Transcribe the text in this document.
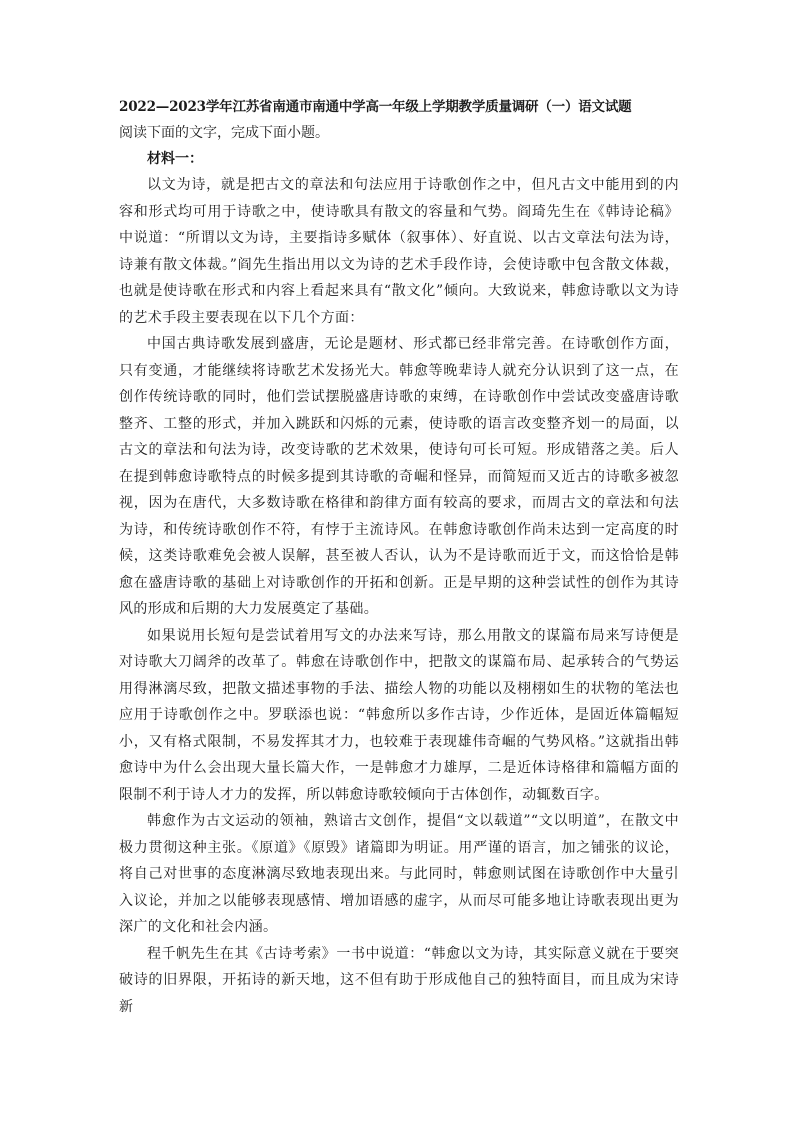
2022—2023学年江苏省南通市南通中学高一年级上学期教学质量调研（一）语文试题
阅读下面的文字，完成下面小题。
材料一：

以文为诗，就是把古文的章法和句法应用于诗歌创作之中，但凡古文中能用到的内容和形式均可用于诗歌之中，使诗歌具有散文的容量和气势。阎琦先生在《韩诗论稿》中说道：“所谓以文为诗，主要指诗多赋体（叙事体）、好直说、以古文章法句法为诗，诗兼有散文体裁。”阎先生指出用以文为诗的艺术手段作诗，会使诗歌中包含散文体裁，也就是使诗歌在形式和内容上看起来具有“散文化”倾向。大致说来，韩愈诗歌以文为诗的艺术手段主要表现在以下几个方面：

中国古典诗歌发展到盛唐，无论是题材、形式都已经非常完善。在诗歌创作方面，只有变通，才能继续将诗歌艺术发扬光大。韩愈等晚辈诗人就充分认识到了这一点，在创作传统诗歌的同时，他们尝试摆脱盛唐诗歌的束缚，在诗歌创作中尝试改变盛唐诗歌整齐、工整的形式，并加入跳跃和闪烁的元素，使诗歌的语言改变整齐划一的局面，以古文的章法和句法为诗，改变诗歌的艺术效果，使诗句可长可短。形成错落之美。后人在提到韩愈诗歌特点的时候多提到其诗歌的奇崛和怪异，而简短而又近古的诗歌多被忽视，因为在唐代，大多数诗歌在格律和韵律方面有较高的要求，而周古文的章法和句法为诗，和传统诗歌创作不符，有悖于主流诗风。在韩愈诗歌创作尚未达到一定高度的时候，这类诗歌难免会被人误解，甚至被人否认，认为不是诗歌而近于文，而这恰恰是韩愈在盛唐诗歌的基础上对诗歌创作的开拓和创新。正是早期的这种尝试性的创作为其诗风的形成和后期的大力发展奠定了基础。

如果说用长短句是尝试着用写文的办法来写诗，那么用散文的谋篇布局来写诗便是对诗歌大刀阔斧的改革了。韩愈在诗歌创作中，把散文的谋篇布局、起承转合的气势运用得淋漓尽致，把散文描述事物的手法、描绘人物的功能以及栩栩如生的状物的笔法也应用于诗歌创作之中。罗联添也说：“韩愈所以多作古诗，少作近体，是固近体篇幅短小，又有格式限制，不易发挥其才力，也较难于表现雄伟奇崛的气势风格。”这就指出韩愈诗中为什么会出现大量长篇大作，一是韩愈才力雄厚，二是近体诗格律和篇幅方面的限制不利于诗人才力的发挥，所以韩愈诗歌较倾向于古体创作，动辄数百字。

韩愈作为古文运动的领袖，熟谙古文创作，提倡“文以载道”“文以明道”，在散文中极力贯彻这种主张。《原道》《原毁》诸篇即为明证。用严谨的语言，加之铺张的议论，将自己对世事的态度淋漓尽致地表现出来。与此同时，韩愈则试图在诗歌创作中大量引入议论，并加之以能够表现感情、增加语感的虚字，从而尽可能多地让诗歌表现出更为深广的文化和社会内涵。

程千帆先生在其《古诗考索》一书中说道：“韩愈以文为诗，其实际意义就在于要突破诗的旧界限，开拓诗的新天地，这不但有助于形成他自己的独特面目，而且成为宋诗新
